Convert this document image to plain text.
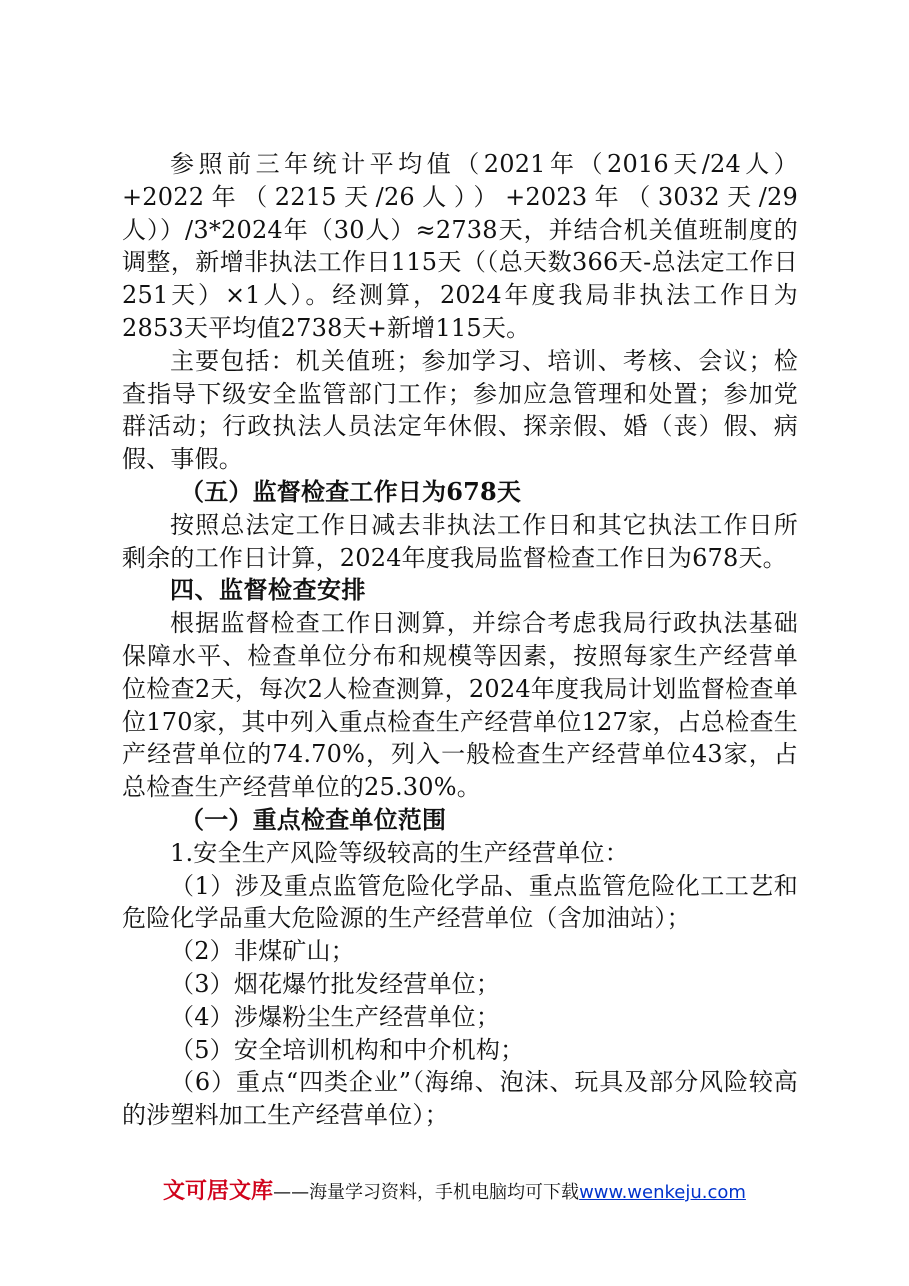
参照前三年统计平均值（2021年（2016天/24人）+2022年（2215天/26人））+2023年（3032天/29人））/3*2024年（30人）≈2738天，并结合机关值班制度的调整，新增非执法工作日115天（（总天数366天-总法定工作日251天）×1人）。经测算，2024年度我局非执法工作日为2853天平均值2738天+新增115天。

主要包括：机关值班；参加学习、培训、考核、会议；检查指导下级安全监管部门工作；参加应急管理和处置；参加党群活动；行政执法人员法定年休假、探亲假、婚（丧）假、病假、事假。

（五）监督检查工作日为678天

按照总法定工作日减去非执法工作日和其它执法工作日所剩余的工作日计算，2024年度我局监督检查工作日为678天。

四、监督检查安排

根据监督检查工作日测算，并综合考虑我局行政执法基础保障水平、检查单位分布和规模等因素，按照每家生产经营单位检查2天，每次2人检查测算，2024年度我局计划监督检查单位170家，其中列入重点检查生产经营单位127家，占总检查生产经营单位的74.70%，列入一般检查生产经营单位43家，占总检查生产经营单位的25.30%。

（一）重点检查单位范围

1.安全生产风险等级较高的生产经营单位：

（1）涉及重点监管危险化学品、重点监管危险化工工艺和危险化学品重大危险源的生产经营单位（含加油站）；

（2）非煤矿山；

（3）烟花爆竹批发经营单位；

（4）涉爆粉尘生产经营单位；

（5）安全培训机构和中介机构；

（6）重点“四类企业”（海绵、泡沫、玩具及部分风险较高的涉塑料加工生产经营单位）；

文可居文库——海量学习资料，手机电脑均可下载www.wenkeju.com
